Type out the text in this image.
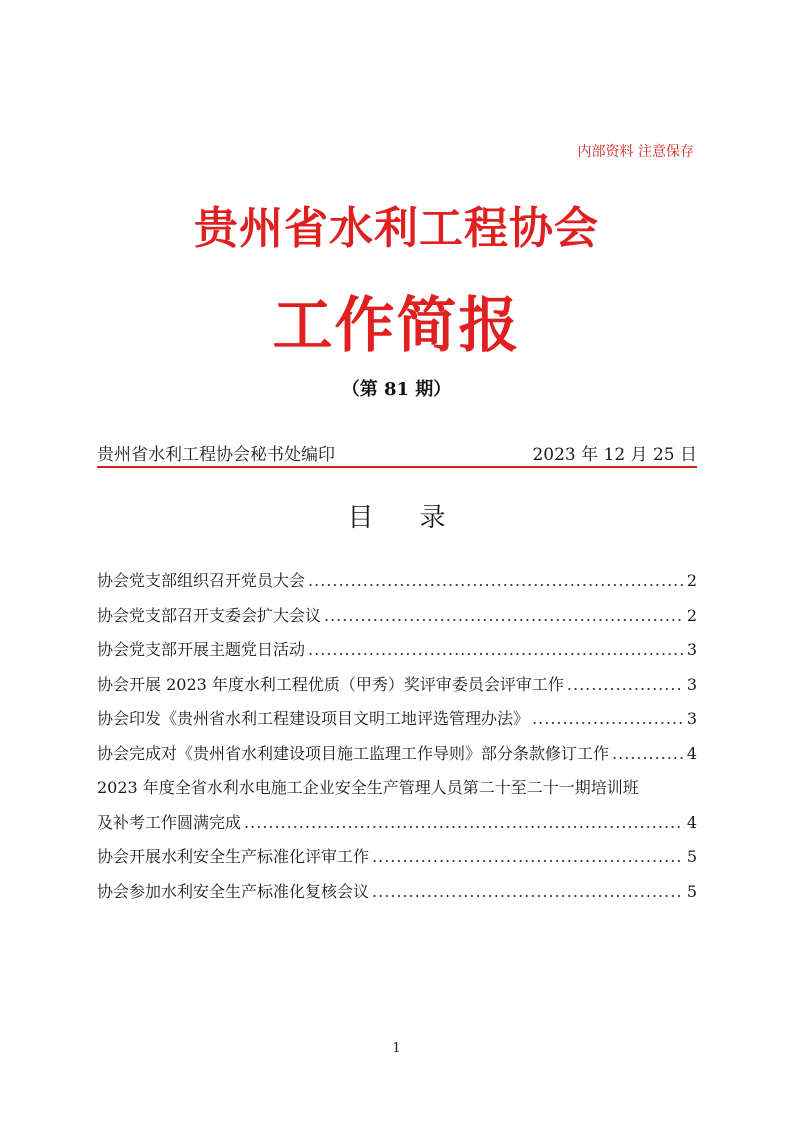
内部资料 注意保存
贵州省水利工程协会
工作简报
（第 81 期）
贵州省水利工程协会秘书处编印	2023 年 12 月 25 日
目录
协会党支部组织召开党员大会 .....	2
协会党支部召开支委会扩大会议 .....	2
协会党支部开展主题党日活动 .....	3
协会开展 2023 年度水利工程优质（甲秀）奖评审委员会评审工作 .....	3
协会印发《贵州省水利工程建设项目文明工地评选管理办法》 .....	3
协会完成对《贵州省水利建设项目施工监理工作导则》部分条款修订工作 .....	4
2023 年度全省水利水电施工企业安全生产管理人员第二十至二十一期培训班
及补考工作圆满完成 .....	4
协会开展水利安全生产标准化评审工作 .....	5
协会参加水利安全生产标准化复核会议 .....	5
1
